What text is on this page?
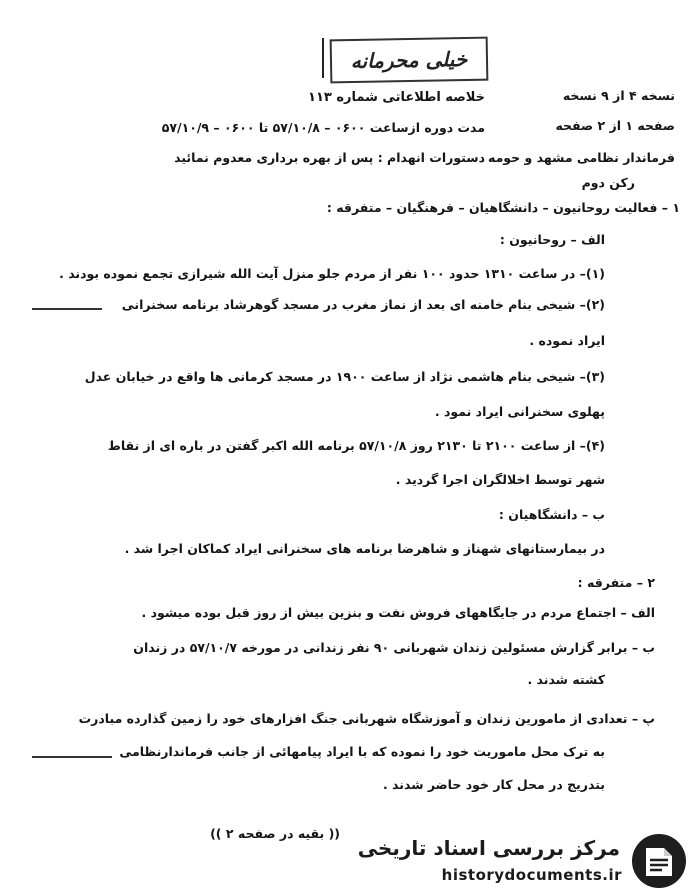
خیلی محرمانه
خلاصه اطلاعاتی شماره ۱۱۳	نسخه ۴ از ۹ نسخه
مدت دوره ازساعت ۰۶۰۰ – ۵۷/۱۰/۸ تا ۰۶۰۰ – ۵۷/۱۰/۹	صفحه ۱ از ۲ صفحه
دستورات انهدام : پس از بهره برداری معدوم نمائید فرماندار نظامی مشهد و حومه
رکن دوم
۱ – فعالیت روحانیون – دانشگاهیان – فرهنگیان – متفرقه :
الف – روحانیون :
(۱)– در ساعت ۱۳۱۰ حدود ۱۰۰ نفر از مردم جلو منزل آیت الله شیرازی تجمع نموده بودند .
(۲)– شیخی بنام خامنه ای بعد از نماز مغرب در مسجد گوهرشاد برنامه سخنرانی
ایراد نموده .
(۳)– شیخی بنام هاشمی نژاد از ساعت ۱۹۰۰ در مسجد کرمانی ها واقع در خیابان عدل
پهلوی سخنرانی ایراد نمود .
(۴)– از ساعت ۲۱۰۰ تا ۲۱۳۰ روز ۵۷/۱۰/۸ برنامه الله اکبر گفتن در باره ای از نقاط
شهر توسط اخلالگران اجرا گردید .
ب – دانشگاهیان :
در بیمارستانهای شهناز و شاهرضا برنامه های سخنرانی ایراد کماکان اجرا شد .
۲ – متفرقه :
الف – اجتماع مردم در جایگاههای فروش نفت و بنزین بیش از روز قبل بوده میشود .
ب – برابر گزارش مسئولین زندان شهربانی ۹۰ نفر زندانی در مورخه ۵۷/۱۰/۷ در زندان
کشته شدند .
پ – تعدادی از مامورین زندان و آموزشگاه شهربانی جنگ افزارهای خود را زمین گذارده مبادرت
به ترک محل ماموریت خود را نموده که با ایراد پیامهائی از جانب فرماندارنظامی
بتدریج در محل کار خود حاضر شدند .
(( بقیه در صفحه ۲ ))
مرکز بررسی اسناد تاریخی
historydocuments.ir
